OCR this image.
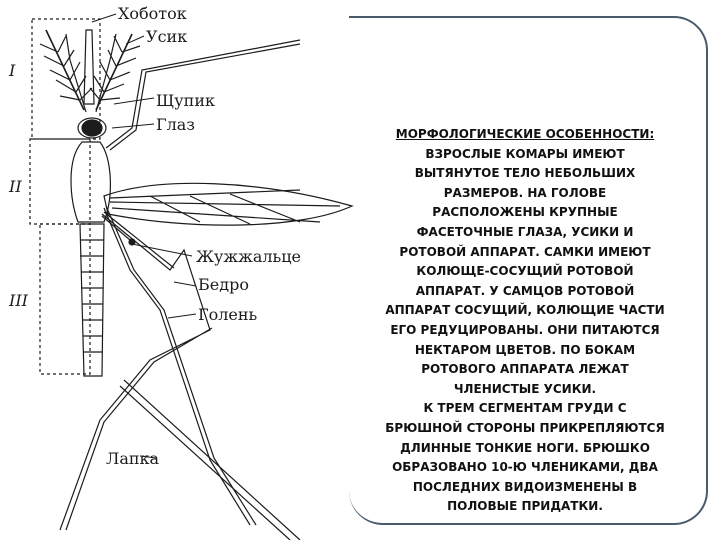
Хоботок
Усик
Щупик
Глаз
Жужжальце
Бедро
Голень
Лапка
I
II
III
МОРФОЛОГИЧЕСКИЕ ОСОБЕННОСТИ:
ВЗРОСЛЫЕ КОМАРЫ ИМЕЮТ
ВЫТЯНУТОЕ ТЕЛО НЕБОЛЬШИХ
РАЗМЕРОВ. НА ГОЛОВЕ
РАСПОЛОЖЕНЫ КРУПНЫЕ
ФАСЕТОЧНЫЕ ГЛАЗА, УСИКИ И
РОТОВОЙ АППАРАТ. САМКИ ИМЕЮТ
КОЛЮЩЕ-СОСУЩИЙ РОТОВОЙ
АППАРАТ. У САМЦОВ РОТОВОЙ
АППАРАТ СОСУЩИЙ, КОЛЮЩИЕ ЧАСТИ
ЕГО РЕДУЦИРОВАНЫ. ОНИ ПИТАЮТСЯ
НЕКТАРОМ ЦВЕТОВ. ПО БОКАМ
РОТОВОГО АППАРАТА ЛЕЖАТ
ЧЛЕНИСТЫЕ УСИКИ.
К ТРЕМ СЕГМЕНТАМ ГРУДИ С
БРЮШНОЙ СТОРОНЫ ПРИКРЕПЛЯЮТСЯ
ДЛИННЫЕ ТОНКИЕ НОГИ. БРЮШКО
ОБРАЗОВАНО 10-Ю ЧЛЕНИКАМИ, ДВА
ПОСЛЕДНИХ ВИДОИЗМЕНЕНЫ В
ПОЛОВЫЕ ПРИДАТКИ.
